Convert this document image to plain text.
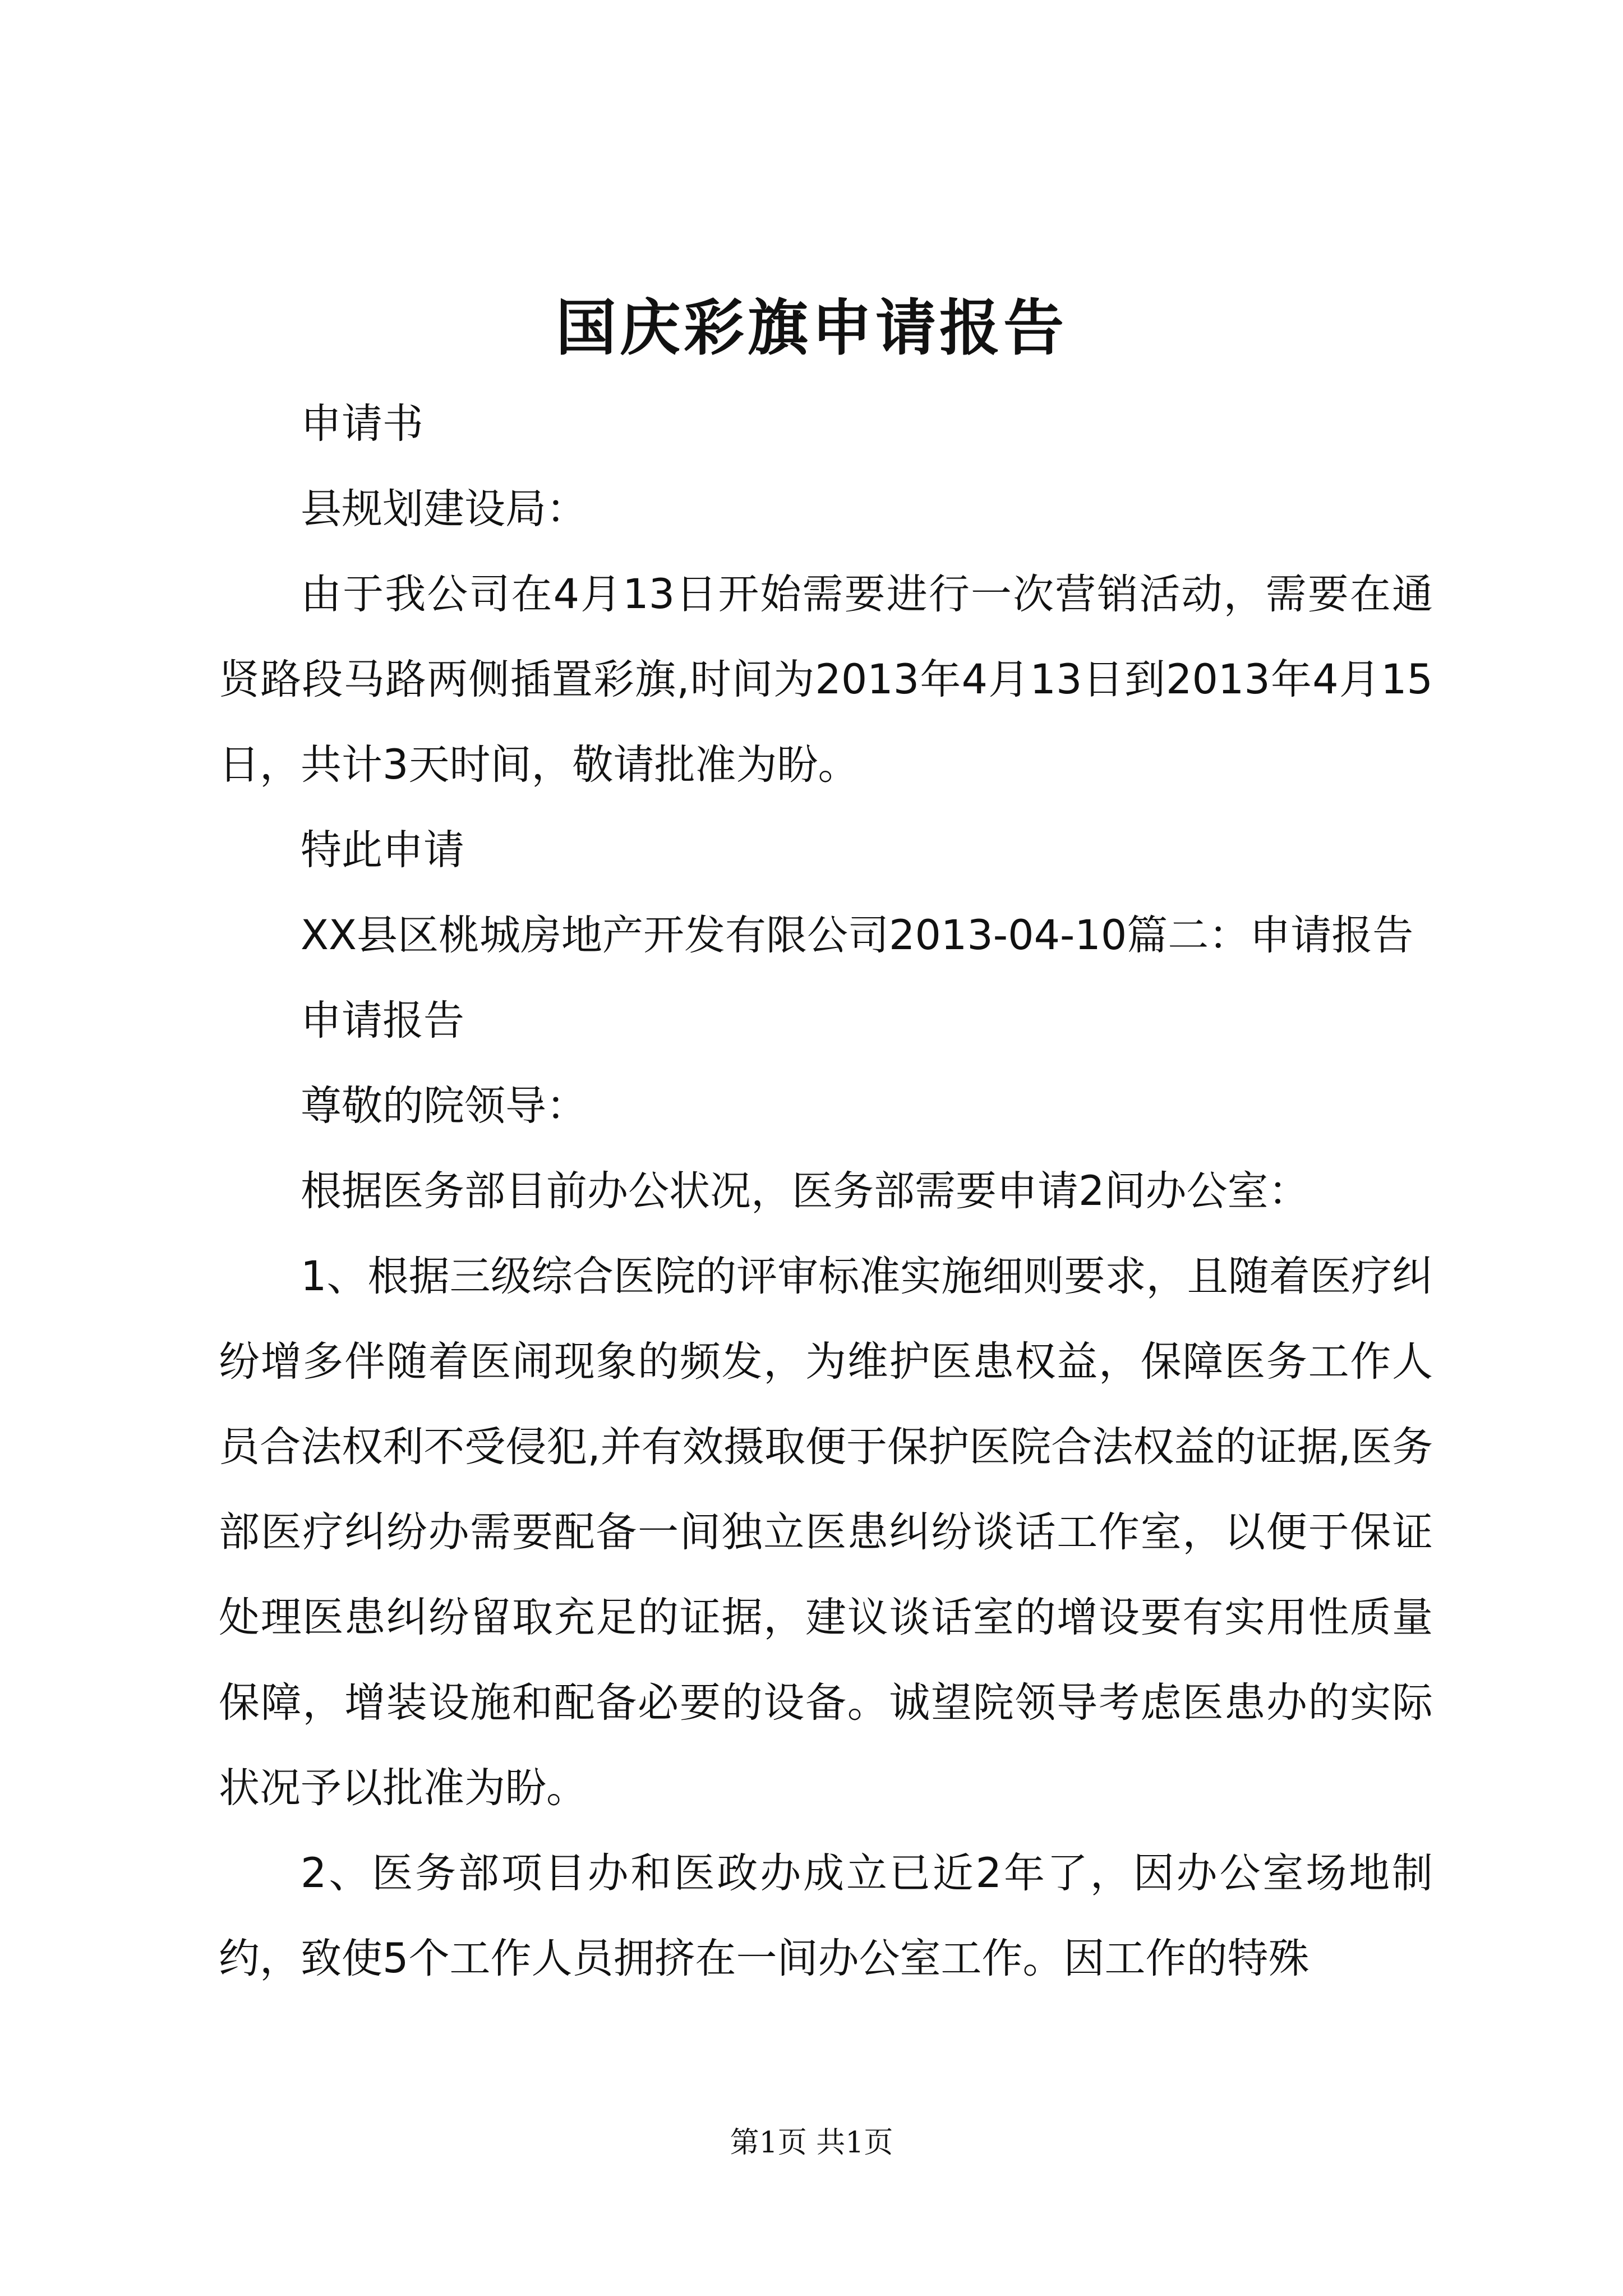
国庆彩旗申请报告

申请书

县规划建设局：

由于我公司在4月13日开始需要进行一次营销活动，需要在通贤路段马路两侧插置彩旗,时间为2013年4月13日到2013年4月15日，共计3天时间，敬请批准为盼。

特此申请

XX县区桃城房地产开发有限公司2013-04-10篇二：申请报告

申请报告

尊敬的院领导：

根据医务部目前办公状况，医务部需要申请2间办公室：

1、根据三级综合医院的评审标准实施细则要求，且随着医疗纠纷增多伴随着医闹现象的频发，为维护医患权益，保障医务工作人员合法权利不受侵犯,并有效摄取便于保护医院合法权益的证据,医务部医疗纠纷办需要配备一间独立医患纠纷谈话工作室，以便于保证处理医患纠纷留取充足的证据，建议谈话室的增设要有实用性质量保障，增装设施和配备必要的设备。诚望院领导考虑医患办的实际状况予以批准为盼。

2、医务部项目办和医政办成立已近2年了，因办公室场地制约，致使5个工作人员拥挤在一间办公室工作。因工作的特殊

第1页 共1页
